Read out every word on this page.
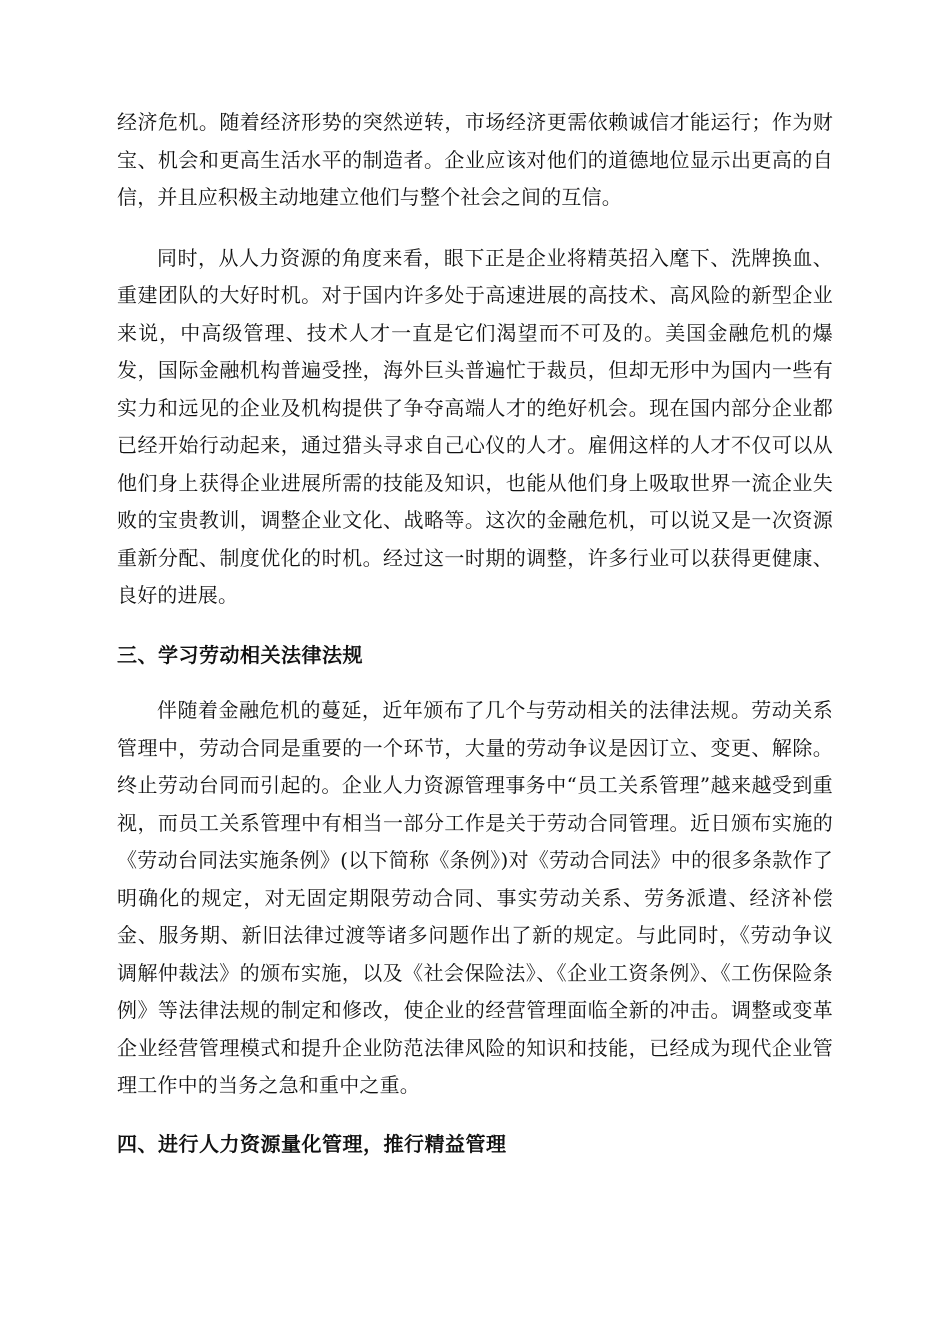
经济危机。随着经济形势的突然逆转，市场经济更需依赖诚信才能运行；作为财宝、机会和更高生活水平的制造者。企业应该对他们的道德地位显示出更高的自信，并且应积极主动地建立他们与整个社会之间的互信。

同时，从人力资源的角度来看，眼下正是企业将精英招入麾下、洗牌换血、重建团队的大好时机。对于国内许多处于高速进展的高技术、高风险的新型企业来说，中高级管理、技术人才一直是它们渴望而不可及的。美国金融危机的爆发，国际金融机构普遍受挫，海外巨头普遍忙于裁员，但却无形中为国内一些有实力和远见的企业及机构提供了争夺高端人才的绝好机会。现在国内部分企业都已经开始行动起来，通过猎头寻求自己心仪的人才。雇佣这样的人才不仅可以从他们身上获得企业进展所需的技能及知识，也能从他们身上吸取世界一流企业失败的宝贵教训，调整企业文化、战略等。这次的金融危机，可以说又是一次资源重新分配、制度优化的时机。经过这一时期的调整，许多行业可以获得更健康、良好的进展。

三、学习劳动相关法律法规

伴随着金融危机的蔓延，近年颁布了几个与劳动相关的法律法规。劳动关系管理中，劳动合同是重要的一个环节，大量的劳动争议是因订立、变更、解除。终止劳动台同而引起的。企业人力资源管理事务中“员工关系管理”越来越受到重视，而员工关系管理中有相当一部分工作是关于劳动合同管理。近日颁布实施的《劳动台同法实施条例》(以下简称《条例》)对《劳动合同法》中的很多条款作了明确化的规定，对无固定期限劳动合同、事实劳动关系、劳务派遣、经济补偿金、服务期、新旧法律过渡等诸多问题作出了新的规定。与此同时，《劳动争议调解仲裁法》的颁布实施，以及《社会保险法》、《企业工资条例》、《工伤保险条例》等法律法规的制定和修改，使企业的经营管理面临全新的冲击。调整或变革企业经营管理模式和提升企业防范法律风险的知识和技能，已经成为现代企业管理工作中的当务之急和重中之重。

四、进行人力资源量化管理，推行精益管理
